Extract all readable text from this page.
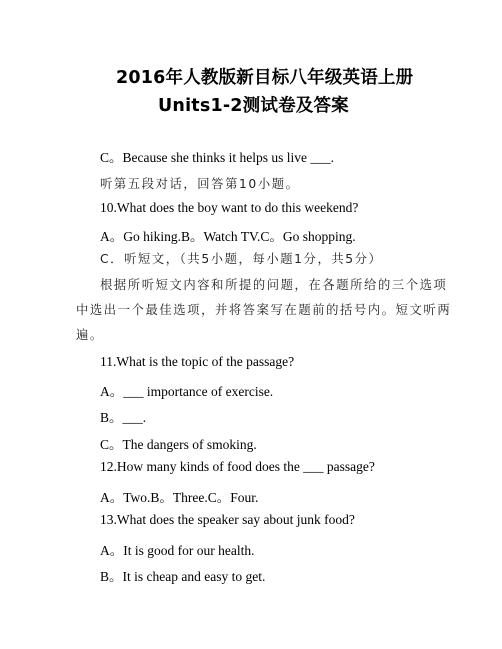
2016年人教版新目标八年级英语上册
Units1-2测试卷及答案
C。Because she thinks it helps us live ___.
听第五段对话，回答第10小题。
10.What does the boy want to do this weekend?
A。Go hiking.B。Watch TV.C。Go shopping.
C．听短文，（共5小题，每小题1分，共5分）
根据所听短文内容和所提的问题，在各题所给的三个选项
中选出一个最佳选项，并将答案写在题前的括号内。短文听两
遍。
11.What is the topic of the passage?
A。___ importance of exercise.
B。___.
C。The dangers of smoking.
12.How many kinds of food does the ___ passage?
A。Two.B。Three.C。Four.
13.What does the speaker say about junk food?
A。It is good for our health.
B。It is cheap and easy to get.
